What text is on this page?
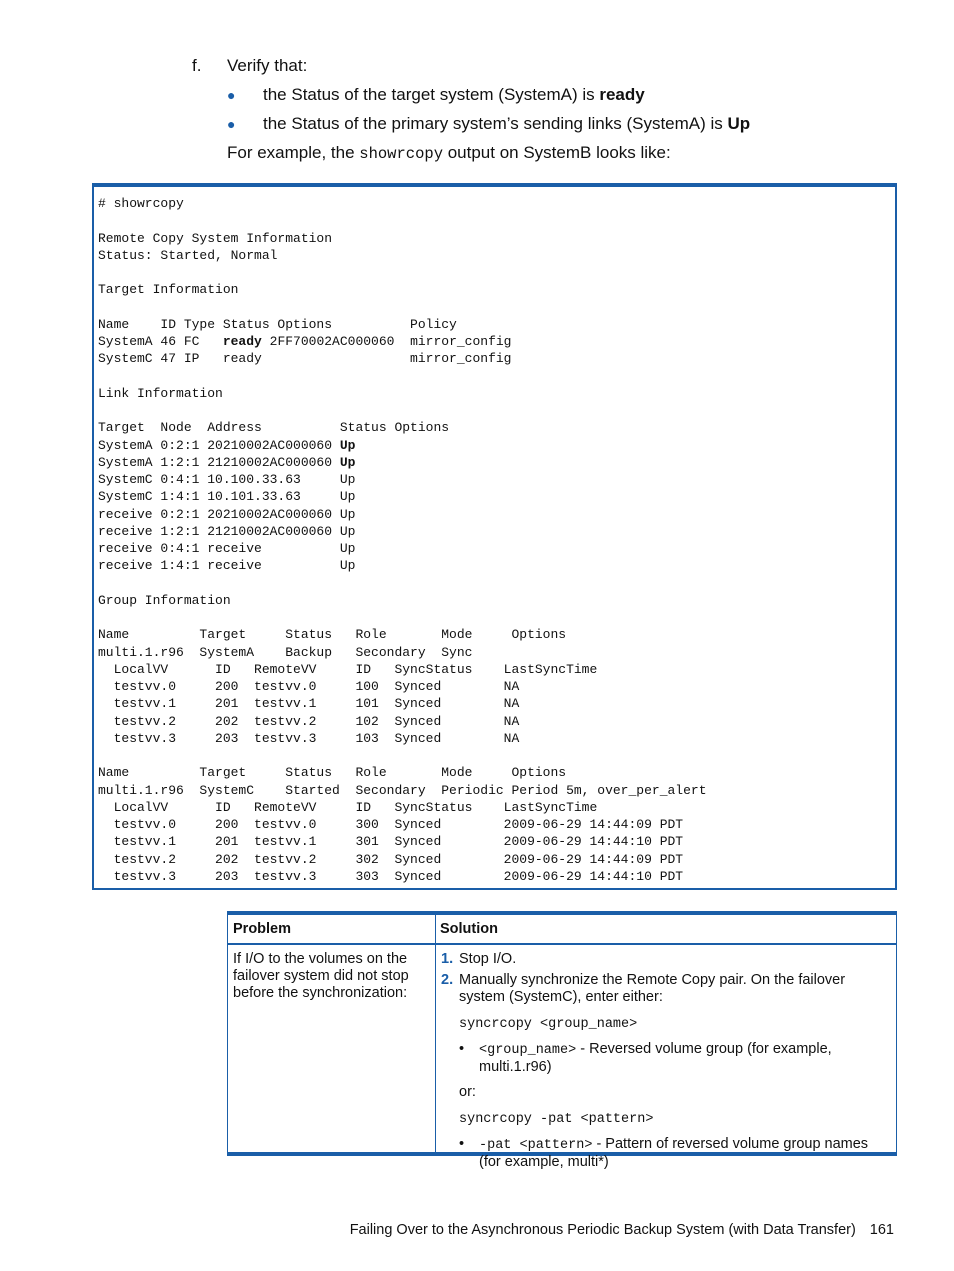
f. Verify that:
● the Status of the target system (SystemA) is ready
● the Status of the primary system’s sending links (SystemA) is Up
For example, the showrcopy output on SystemB looks like:
# showrcopy
Remote Copy System Information
Status: Started, Normal
Target Information
Name    ID Type Status Options          Policy
SystemA 46 FC   ready 2FF70002AC000060  mirror_config
SystemC 47 IP   ready                   mirror_config
Link Information
Target  Node  Address          Status Options
SystemA 0:2:1 20210002AC000060 Up
SystemA 1:2:1 21210002AC000060 Up
SystemC 0:4:1 10.100.33.63     Up
SystemC 1:4:1 10.101.33.63     Up
receive 0:2:1 20210002AC000060 Up
receive 1:2:1 21210002AC000060 Up
receive 0:4:1 receive          Up
receive 1:4:1 receive          Up
Group Information
Name         Target     Status   Role       Mode     Options
multi.1.r96  SystemA    Backup   Secondary  Sync
LocalVV      ID   RemoteVV     ID   SyncStatus    LastSyncTime
testvv.0     200  testvv.0     100  Synced        NA
testvv.1     201  testvv.1     101  Synced        NA
testvv.2     202  testvv.2     102  Synced        NA
testvv.3     203  testvv.3     103  Synced        NA
Name         Target     Status   Role       Mode     Options
multi.1.r96  SystemC    Started  Secondary  Periodic Period 5m, over_per_alert
LocalVV      ID   RemoteVV     ID   SyncStatus    LastSyncTime
testvv.0     200  testvv.0     300  Synced        2009-06-29 14:44:09 PDT
testvv.1     201  testvv.1     301  Synced        2009-06-29 14:44:10 PDT
testvv.2     202  testvv.2     302  Synced        2009-06-29 14:44:09 PDT
testvv.3     203  testvv.3     303  Synced        2009-06-29 14:44:10 PDT
Problem	Solution
If I/O to the volumes on the failover system did not stop before the synchronization:
1. Stop I/O.
2. Manually synchronize the Remote Copy pair. On the failover system (SystemC), enter either:
syncrcopy <group_name>
• <group_name> - Reversed volume group (for example, multi.1.r96)
or:
syncrcopy -pat <pattern>
• -pat <pattern> - Pattern of reversed volume group names (for example, multi*)
Failing Over to the Asynchronous Periodic Backup System (with Data Transfer) 161
